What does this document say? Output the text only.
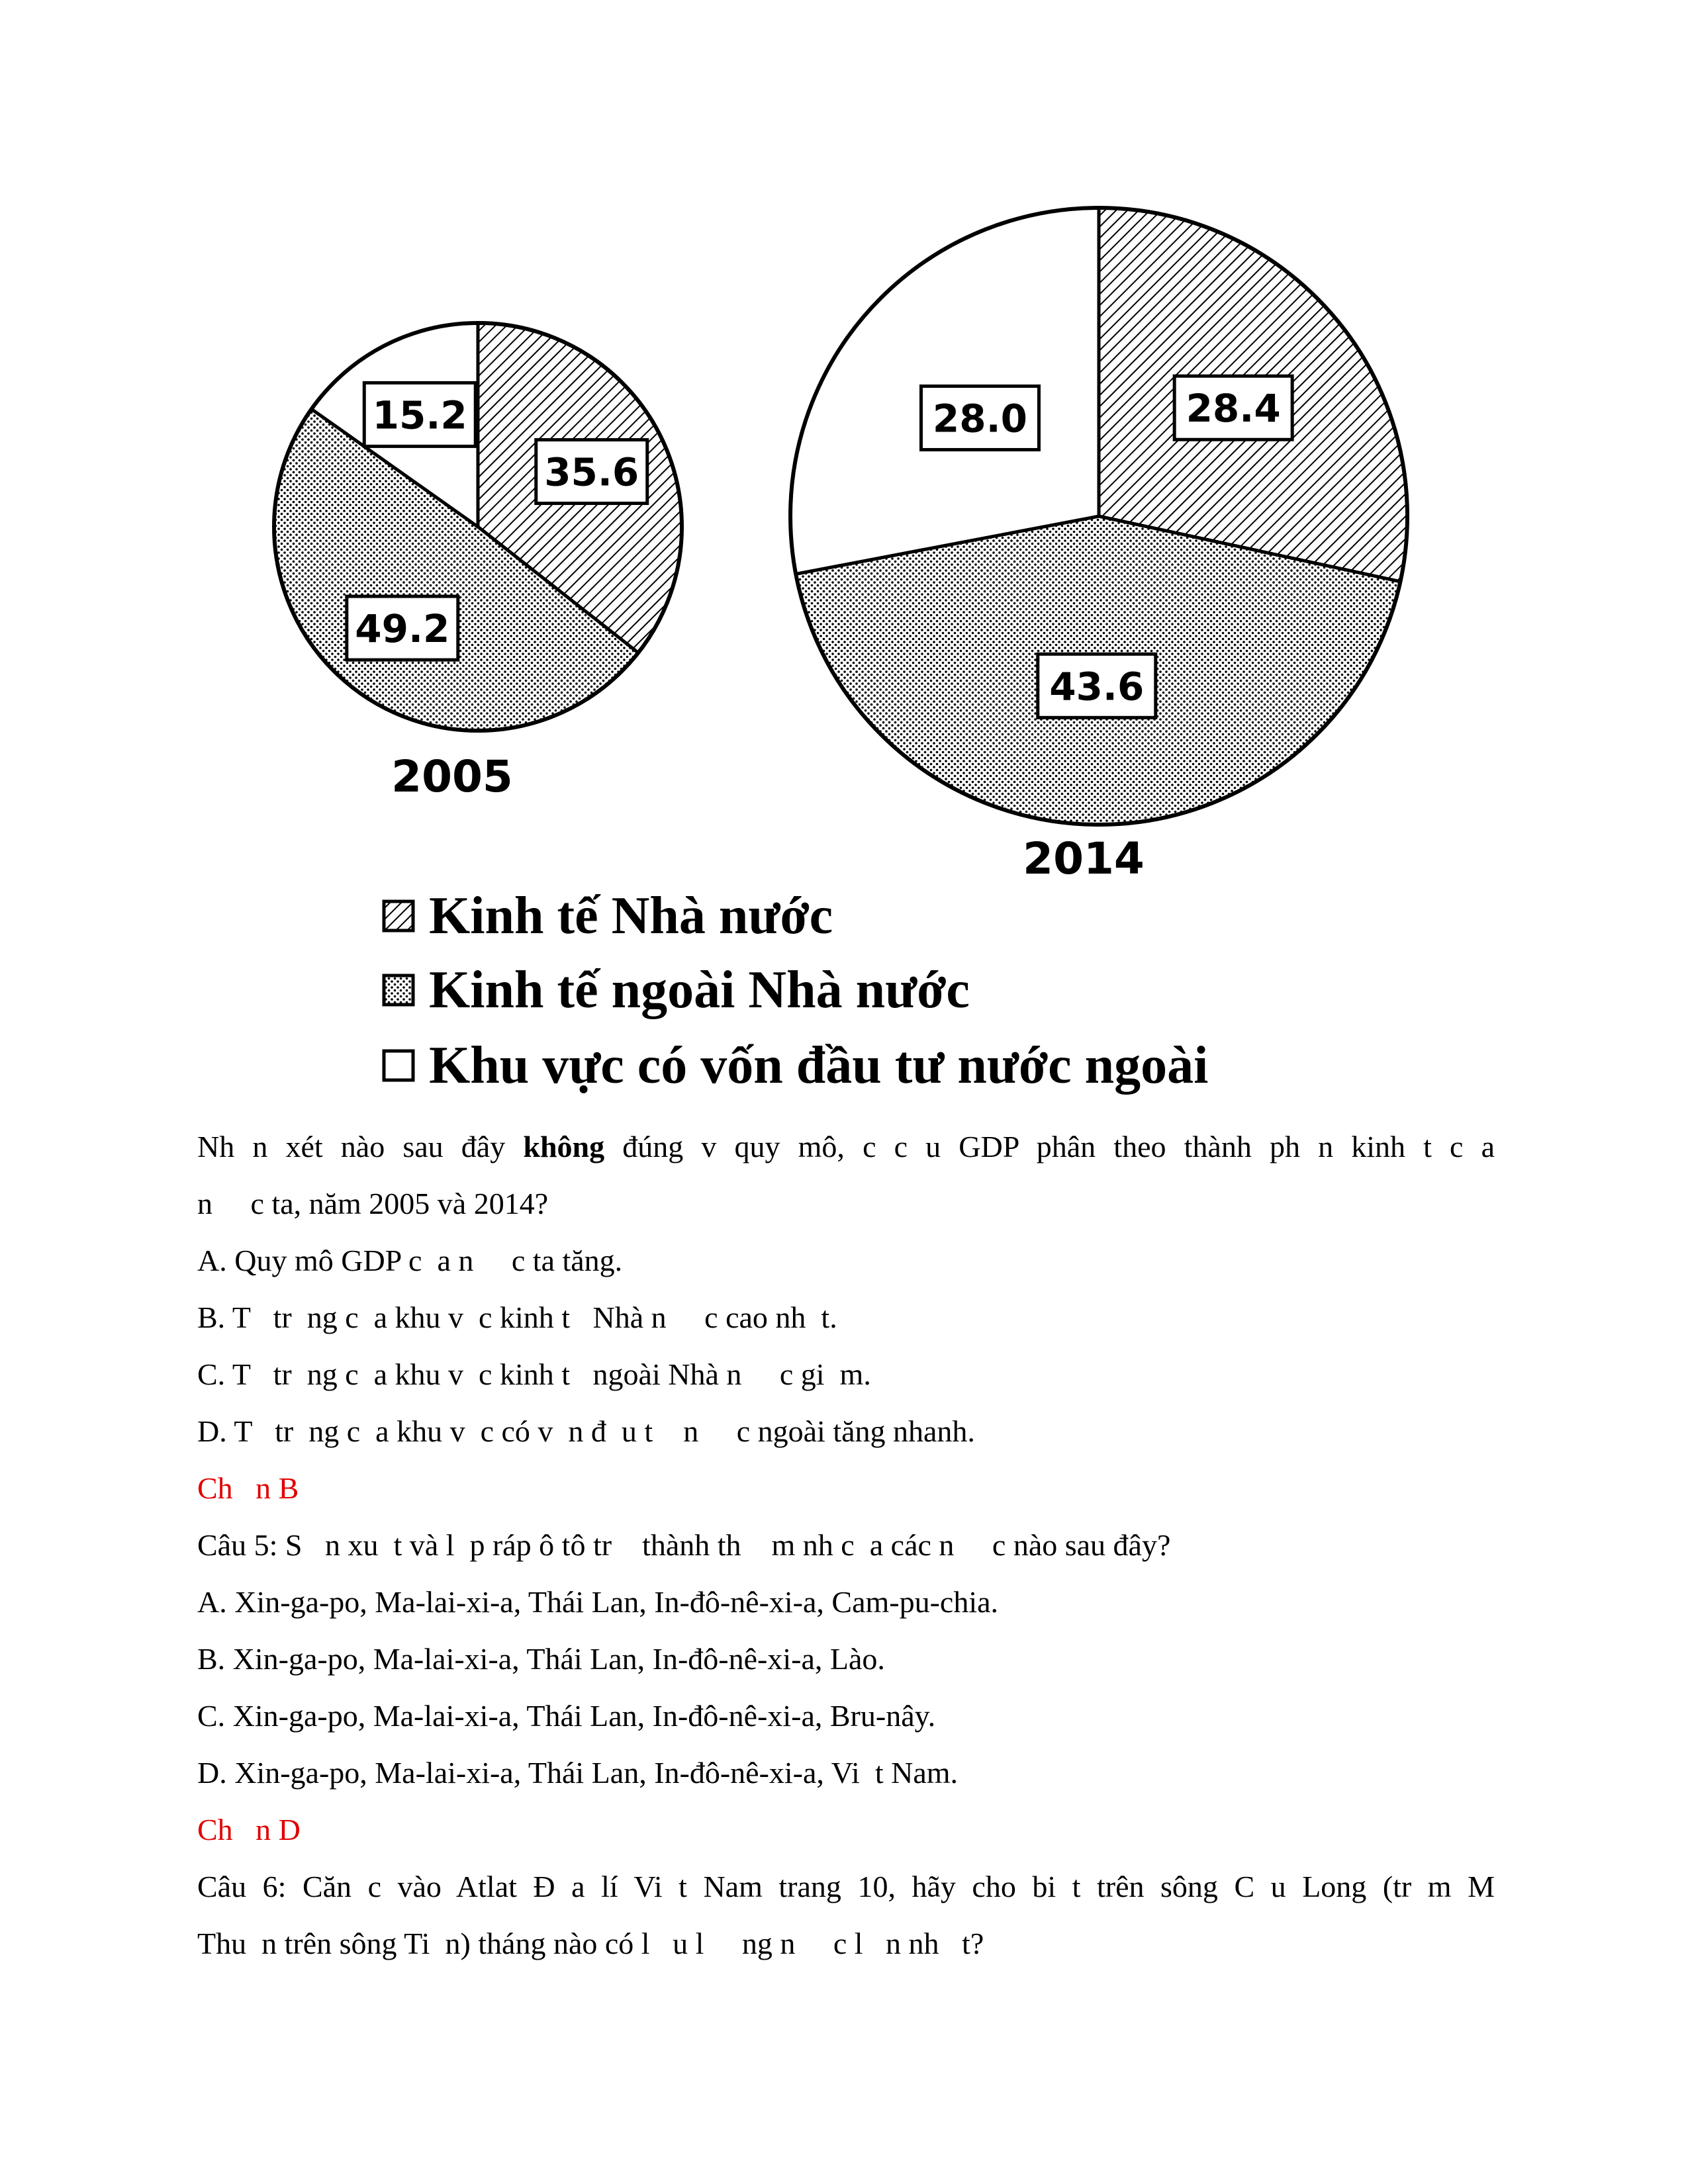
35.6
49.2
15.2	28.4
43.6
28.0
2005
2014
Kinh tế Nhà nước
Kinh tế ngoài Nhà nước
Khu vực có vốn đầu tư nước ngoài
Nh n xét nào sau đây không đúng v quy mô, c c u GDP phân theo thành ph n kinh t c a
n     c ta, năm 2005 và 2014?
A. Quy mô GDP c  a n     c ta tăng.
B. T   tr  ng c  a khu v  c kinh t   Nhà n     c cao nh  t.
C. T   tr  ng c  a khu v  c kinh t   ngoài Nhà n     c gi  m.
D. T   tr  ng c  a khu v  c có v  n đ  u t    n     c ngoài tăng nhanh.
Ch   n B
Câu 5: S   n xu  t và l  p ráp ô tô tr    thành th    m nh c  a các n     c nào sau đây?
A. Xin-ga-po, Ma-lai-xi-a, Thái Lan, In-đô-nê-xi-a, Cam-pu-chia.
B. Xin-ga-po, Ma-lai-xi-a, Thái Lan, In-đô-nê-xi-a, Lào.
C. Xin-ga-po, Ma-lai-xi-a, Thái Lan, In-đô-nê-xi-a, Bru-nây.
D. Xin-ga-po, Ma-lai-xi-a, Thái Lan, In-đô-nê-xi-a, Vi  t Nam.
Ch   n D
Câu 6: Căn c vào Atlat Đ a lí Vi t Nam trang 10, hãy cho bi t trên sông C u Long (tr m M
Thu  n trên sông Ti  n) tháng nào có l   u l     ng n     c l   n nh   t?
